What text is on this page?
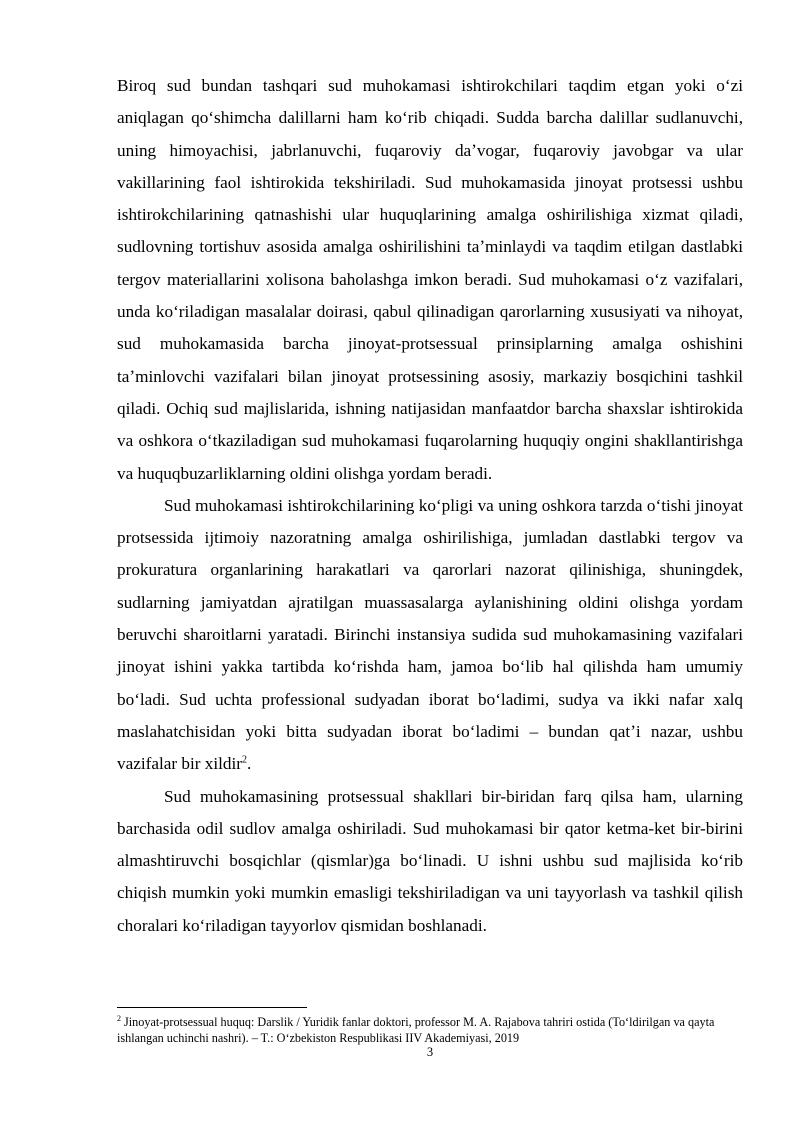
Biroq sud bundan tashqari sud muhokamasi ishtirokchilari taqdim etgan yoki oʻzi aniqlagan qoʻshimcha dalillarni ham koʻrib chiqadi. Sudda barcha dalillar sudlanuvchi, uning himoyachisi, jabrlanuvchi, fuqaroviy daʼvogar, fuqaroviy javobgar va ular vakillarining faol ishtirokida tekshiriladi. Sud muhokamasida jinoyat protsessi ushbu ishtirokchilarining qatnashishi ular huquqlarining amalga oshirilishiga xizmat qiladi, sudlovning tortishuv asosida amalga oshirilishini taʼminlaydi va taqdim etilgan dastlabki tergov materiallarini xolisona baholashga imkon beradi. Sud muhokamasi oʻz vazifalari, unda koʻriladigan masalalar doirasi, qabul qilinadigan qarorlarning xususiyati va nihoyat, sud muhokamasida barcha jinoyat-protsessual prinsiplarning amalga oshishini taʼminlovchi vazifalari bilan jinoyat protsessining asosiy, markaziy bosqichini tashkil qiladi. Ochiq sud majlislarida, ishning natijasidan manfaatdor barcha shaxslar ishtirokida va oshkora oʻtkaziladigan sud muhokamasi fuqarolarning huquqiy ongini shakllantirishga va huquqbuzarliklarning oldini olishga yordam beradi.

Sud muhokamasi ishtirokchilarining koʻpligi va uning oshkora tarzda oʻtishi jinoyat protsessida ijtimoiy nazoratning amalga oshirilishiga, jumladan dastlabki tergov va prokuratura organlarining harakatlari va qarorlari nazorat qilinishiga, shuningdek, sudlarning jamiyatdan ajratilgan muassasalarga aylanishining oldini olishga yordam beruvchi sharoitlarni yaratadi. Birinchi instansiya sudida sud muhokamasining vazifalari jinoyat ishini yakka tartibda koʻrishda ham, jamoa boʻlib hal qilishda ham umumiy boʻladi. Sud uchta professional sudyadan iborat boʻladimi, sudya va ikki nafar xalq maslahatchisidan yoki bitta sudyadan iborat boʻladimi – bundan qatʼi nazar, ushbu vazifalar bir xildir$^2$.

Sud muhokamasining protsessual shakllari bir-biridan farq qilsa ham, ularning barchasida odil sudlov amalga oshiriladi. Sud muhokamasi bir qator ketma-ket bir-birini almashtiruvchi bosqichlar (qismlar)ga boʻlinadi. U ishni ushbu sud majlisida koʻrib chiqish mumkin yoki mumkin emasligi tekshiriladigan va uni tayyorlash va tashkil qilish choralari koʻriladigan tayyorlov qismidan boshlanadi.

$^2$ Jinoyat-protsessual huquq: Darslik / Yuridik fanlar doktori, professor M. A. Rajabova tahriri ostida (Toʻldirilgan va qayta ishlangan uchinchi nashri). – T.: Oʻzbekiston Respublikasi IIV Akademiyasi, 2019
3
